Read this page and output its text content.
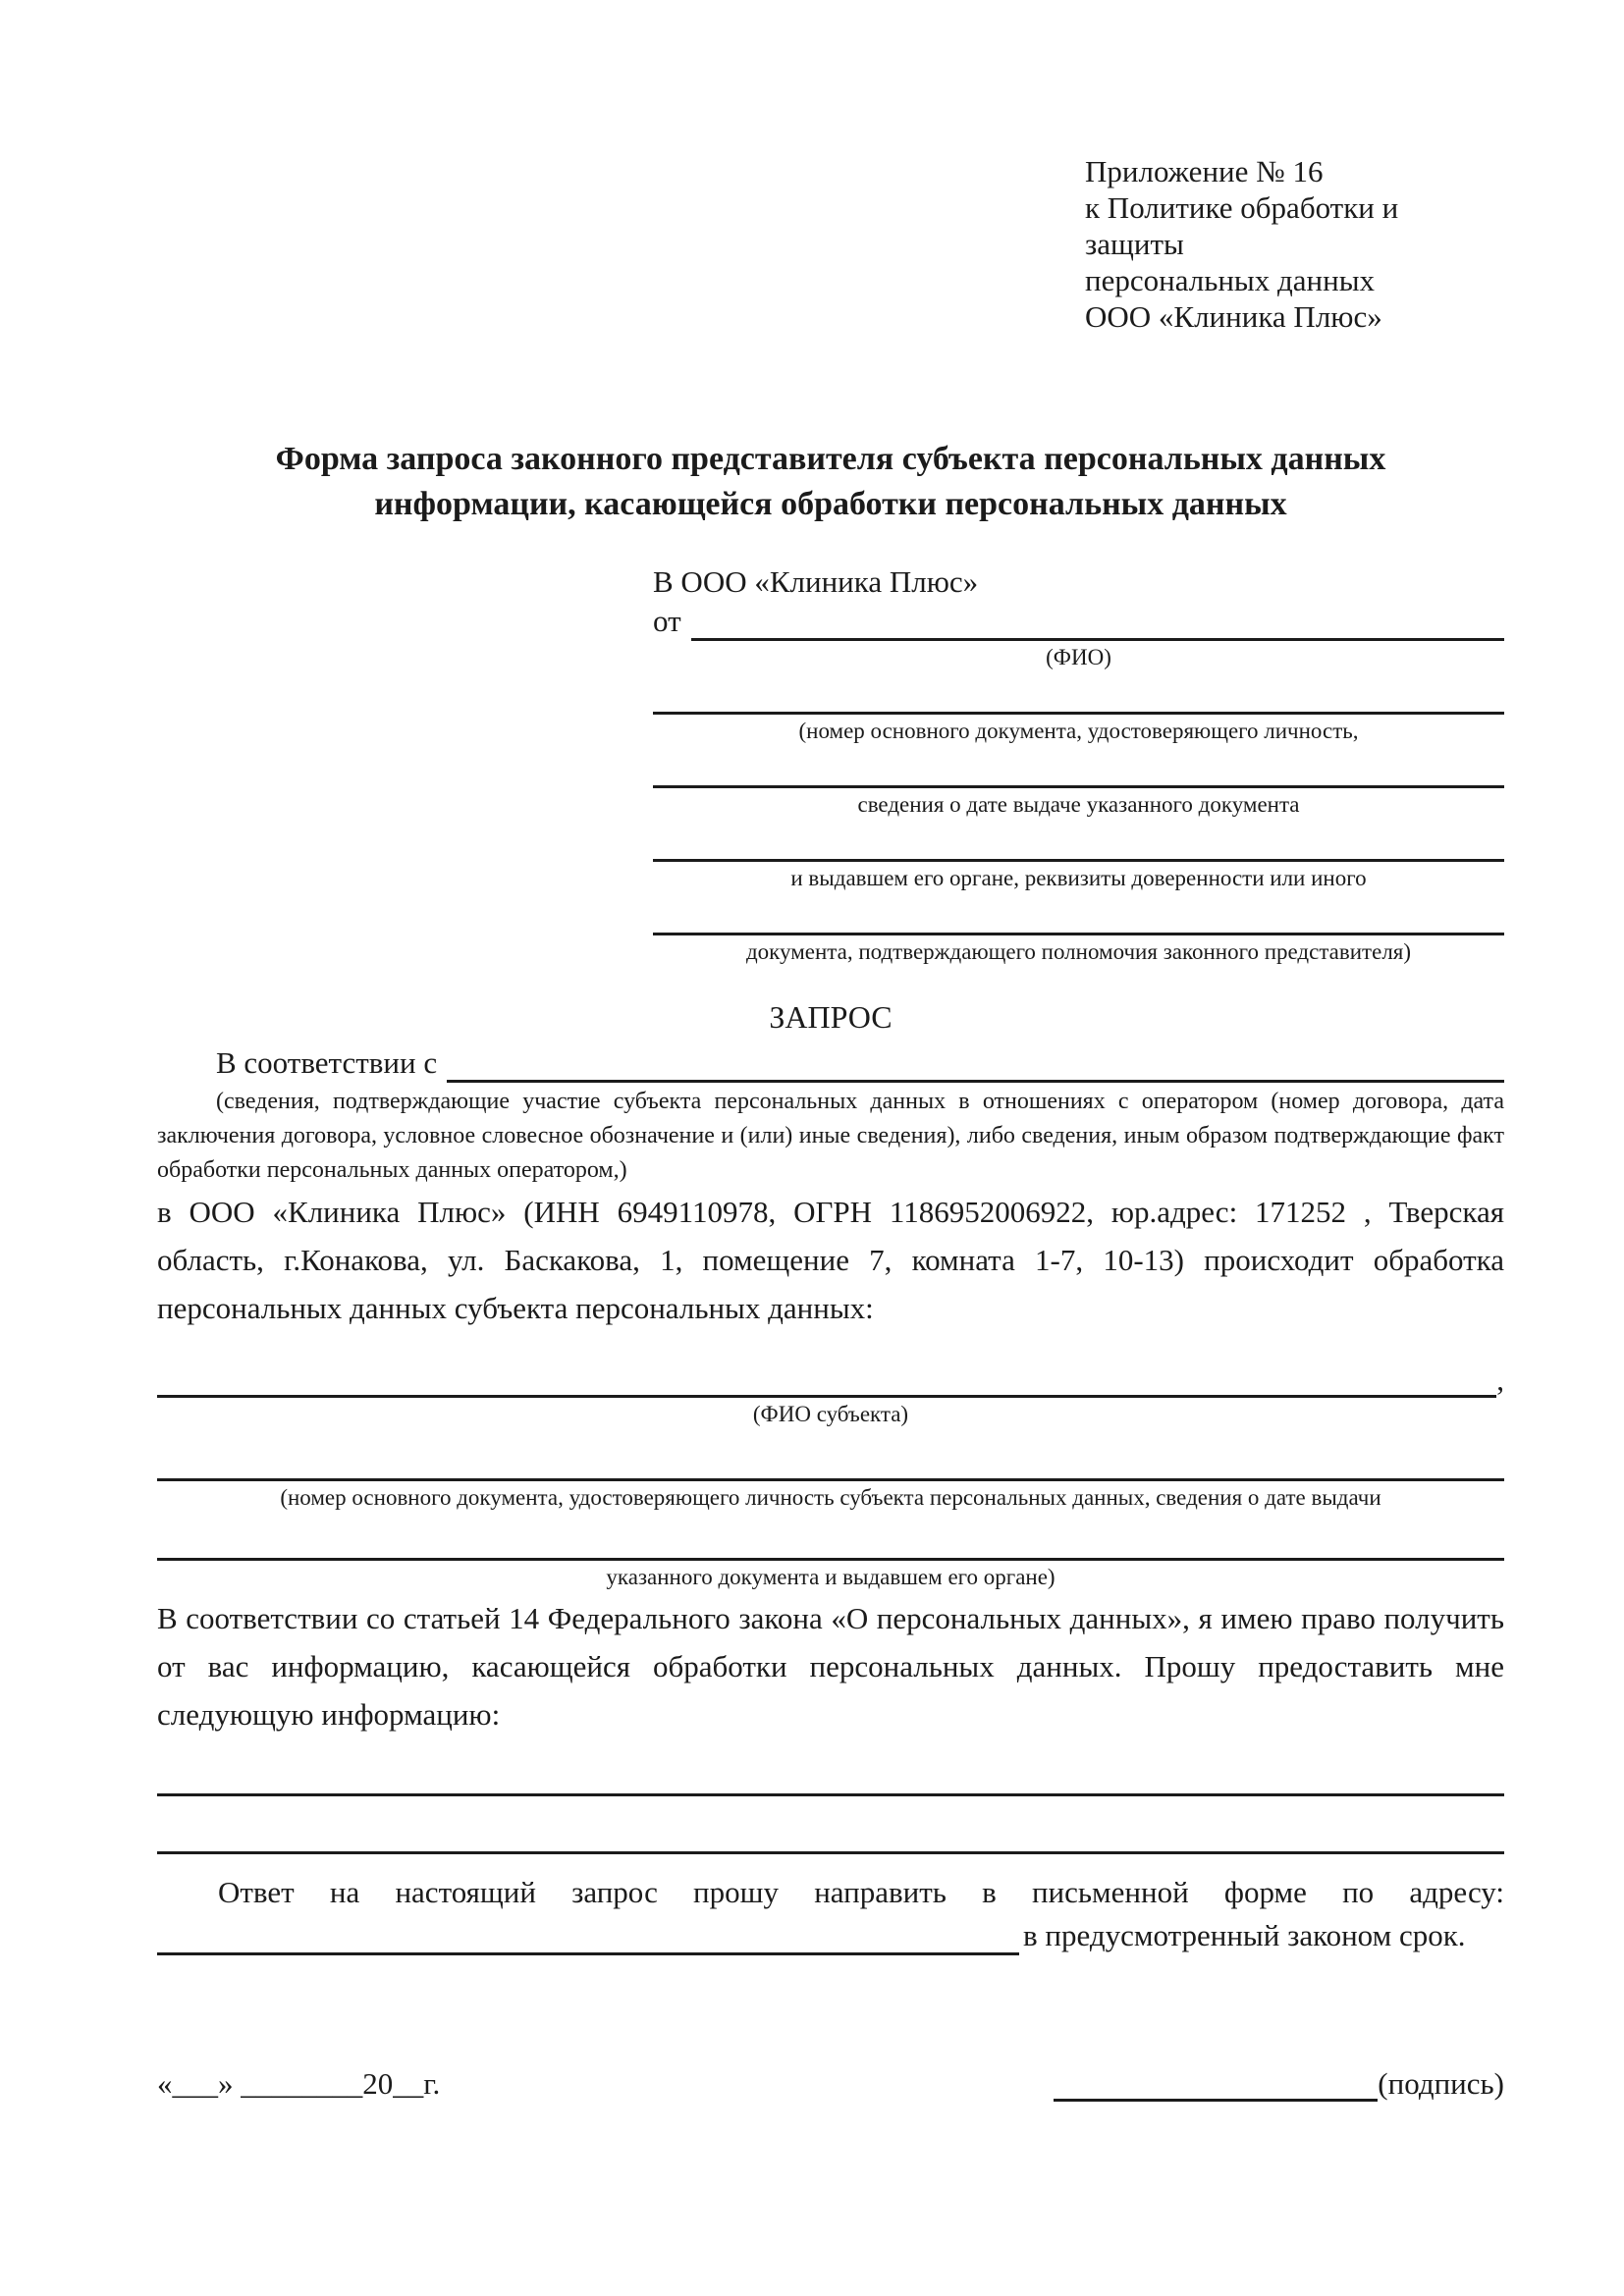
Приложение № 16
к Политике обработки и защиты
персональных данных
ООО «Клиника Плюс»
Форма запроса законного представителя субъекта персональных данных
информации, касающейся обработки персональных данных
В ООО «Клиника Плюс»
от
(ФИО)
(номер основного документа, удостоверяющего личность,
сведения о дате выдаче указанного документа
и выдавшем его органе, реквизиты доверенности или иного
документа, подтверждающего полномочия законного представителя)
ЗАПРОС
В соответствии с

(сведения, подтверждающие участие субъекта персональных данных в отношениях с оператором (номер договора, дата заключения договора, условное словесное обозначение и (или) иные сведения), либо сведения, иным образом подтверждающие факт обработки персональных данных оператором,)

в ООО «Клиника Плюс» (ИНН 6949110978, ОГРН 1186952006922, юр.адрес: 171252 , Тверская область, г.Конакова, ул. Баскакова, 1, помещение 7, комната 1-7, 10-13) происходит обработка персональных данных субъекта персональных данных:

,
(ФИО субъекта)
(номер основного документа, удостоверяющего личность субъекта персональных данных, сведения о дате выдачи
указанного документа и выдавшем его органе)

В соответствии со статьей 14 Федерального закона «О персональных данных», я имею право получить от вас информацию, касающейся обработки персональных данных. Прошу предоставить мне следующую информацию:

Ответ на настоящий запрос прошу направить в письменной форме по адресу:

в предусмотренный законом срок.
«___» ________20__г.	(подпись)
